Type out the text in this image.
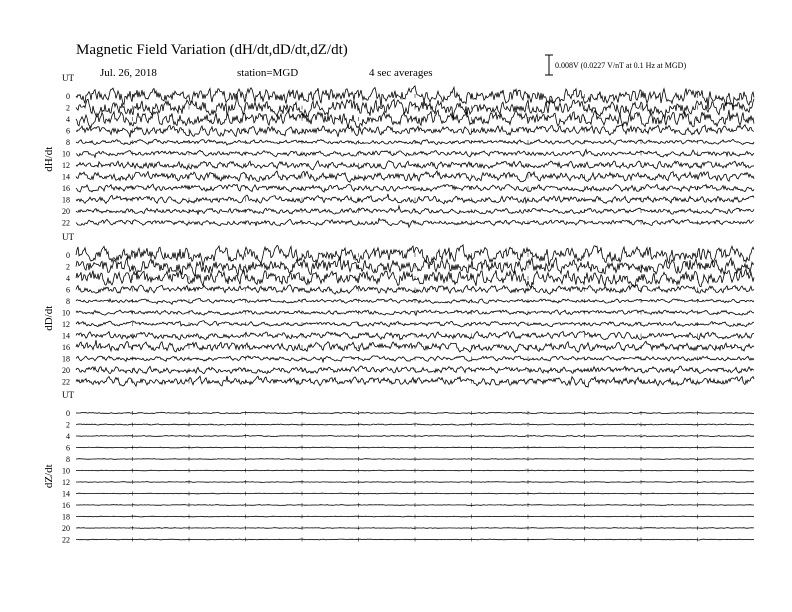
Magnetic Field Variation (dH/dt,dD/dt,dZ/dt)
Jul. 26, 2018	station=MGD	4 sec averages
0.008V (0.0227 V/nT at 0.1 Hz at MGD)
UT
dH/dt
0
2
4
6
8
10
12
14
16
18
20
22
UT
dD/dt
0
2
4
6
8
10
12
14
16
18
20
22
UT
dZ/dt
0
2
4
6
8
10
12
14
16
18
20
22
